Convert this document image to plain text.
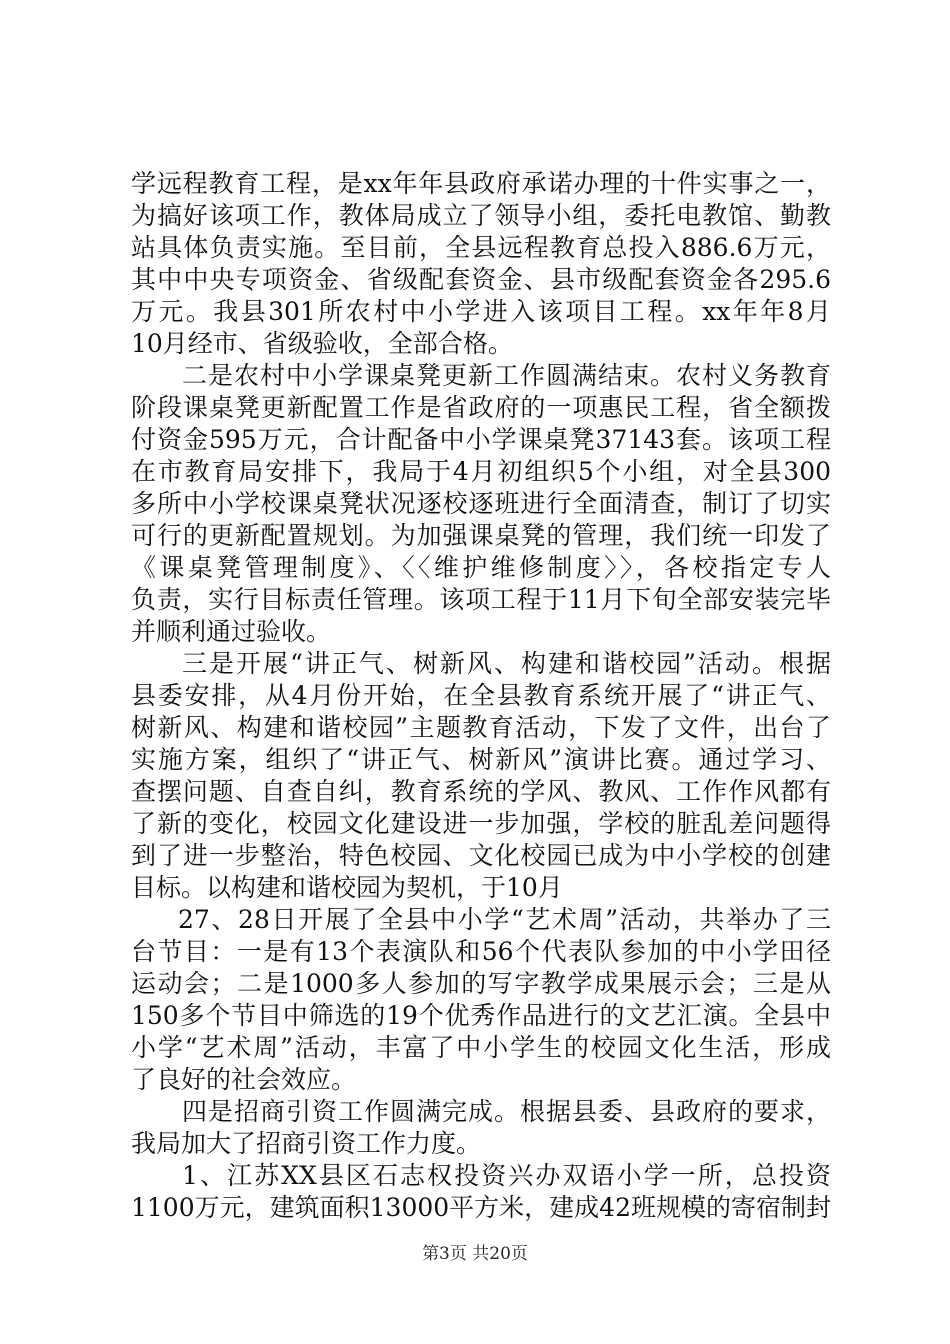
学远程教育工程，是xx年年县政府承诺办理的十件实事之一，
为搞好该项工作，教体局成立了领导小组，委托电教馆、勤教
站具体负责实施。至目前，全县远程教育总投入886.6万元，
其中中央专项资金、省级配套资金、县市级配套资金各295.6
万元。我县301所农村中小学进入该项目工程。xx年年8月
10月经市、省级验收，全部合格。
二是农村中小学课桌凳更新工作圆满结束。农村义务教育
阶段课桌凳更新配置工作是省政府的一项惠民工程，省全额拨
付资金595万元，合计配备中小学课桌凳37143套。该项工程
在市教育局安排下，我局于4月初组织5个小组，对全县300
多所中小学校课桌凳状况逐校逐班进行全面清查，制订了切实
可行的更新配置规划。为加强课桌凳的管理，我们统一印发了
《课桌凳管理制度》、〈〈维护维修制度〉〉，各校指定专人
负责，实行目标责任管理。该项工程于11月下旬全部安装完毕
并顺利通过验收。
三是开展“讲正气、树新风、构建和谐校园”活动。根据
县委安排，从4月份开始，在全县教育系统开展了“讲正气、
树新风、构建和谐校园”主题教育活动，下发了文件，出台了
实施方案，组织了“讲正气、树新风”演讲比赛。通过学习、
查摆问题、自查自纠，教育系统的学风、教风、工作作风都有
了新的变化，校园文化建设进一步加强，学校的脏乱差问题得
到了进一步整治，特色校园、文化校园已成为中小学校的创建
目标。以构建和谐校园为契机，于10月
27、28日开展了全县中小学“艺术周”活动，共举办了三
台节目：一是有13个表演队和56个代表队参加的中小学田径
运动会；二是1000多人参加的写字教学成果展示会；三是从
150多个节目中筛选的19个优秀作品进行的文艺汇演。全县中
小学“艺术周”活动，丰富了中小学生的校园文化生活，形成
了良好的社会效应。
四是招商引资工作圆满完成。根据县委、县政府的要求，
我局加大了招商引资工作力度。
1、江苏XX县区石志权投资兴办双语小学一所，总投资
1100万元，建筑面积13000平方米，建成42班规模的寄宿制封
第3页 共20页
